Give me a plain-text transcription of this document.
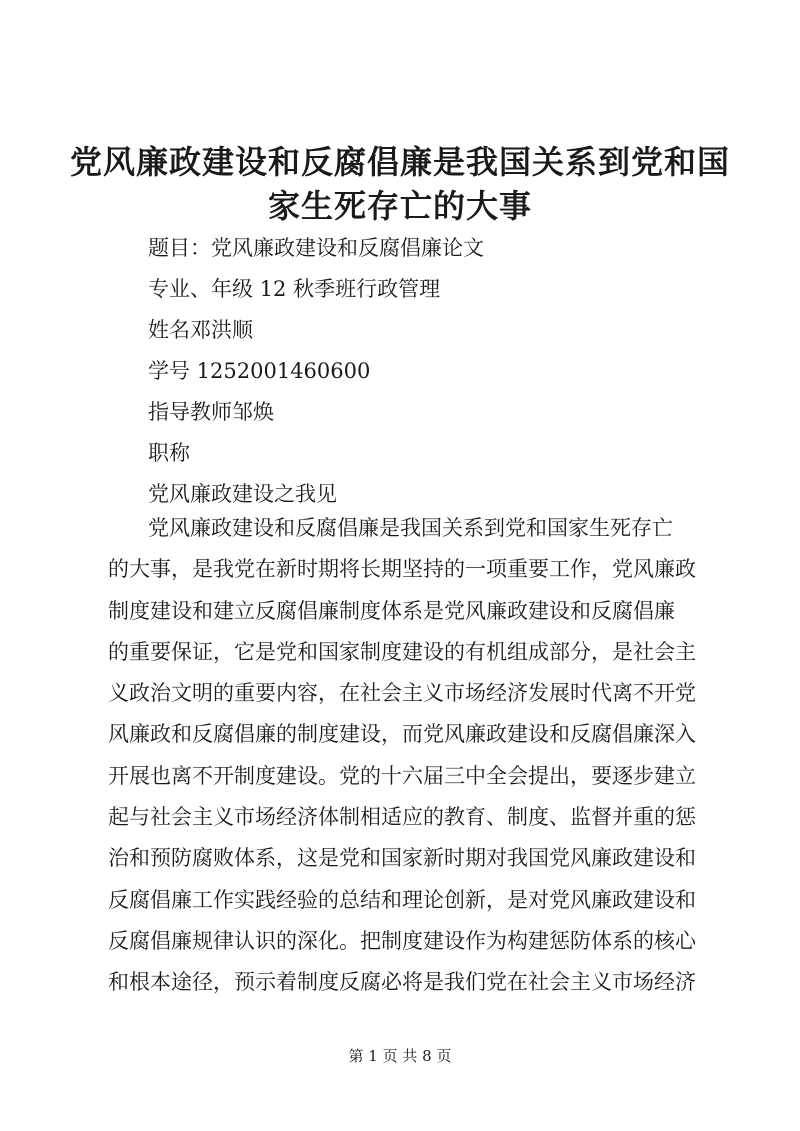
党风廉政建设和反腐倡廉是我国关系到党和国
家生死存亡的大事
题目：党风廉政建设和反腐倡廉论文
专业、年级 12 秋季班行政管理
姓名邓洪顺
学号 1252001460600
指导教师邹焕
职称
党风廉政建设之我见
党风廉政建设和反腐倡廉是我国关系到党和国家生死存亡
的大事，是我党在新时期将长期坚持的一项重要工作，党风廉政
制度建设和建立反腐倡廉制度体系是党风廉政建设和反腐倡廉
的重要保证，它是党和国家制度建设的有机组成部分，是社会主
义政治文明的重要内容，在社会主义市场经济发展时代离不开党
风廉政和反腐倡廉的制度建设，而党风廉政建设和反腐倡廉深入
开展也离不开制度建设。党的十六届三中全会提出，要逐步建立
起与社会主义市场经济体制相适应的教育、制度、监督并重的惩
治和预防腐败体系，这是党和国家新时期对我国党风廉政建设和
反腐倡廉工作实践经验的总结和理论创新，是对党风廉政建设和
反腐倡廉规律认识的深化。把制度建设作为构建惩防体系的核心
和根本途径，预示着制度反腐必将是我们党在社会主义市场经济
第 1 页 共 8 页
